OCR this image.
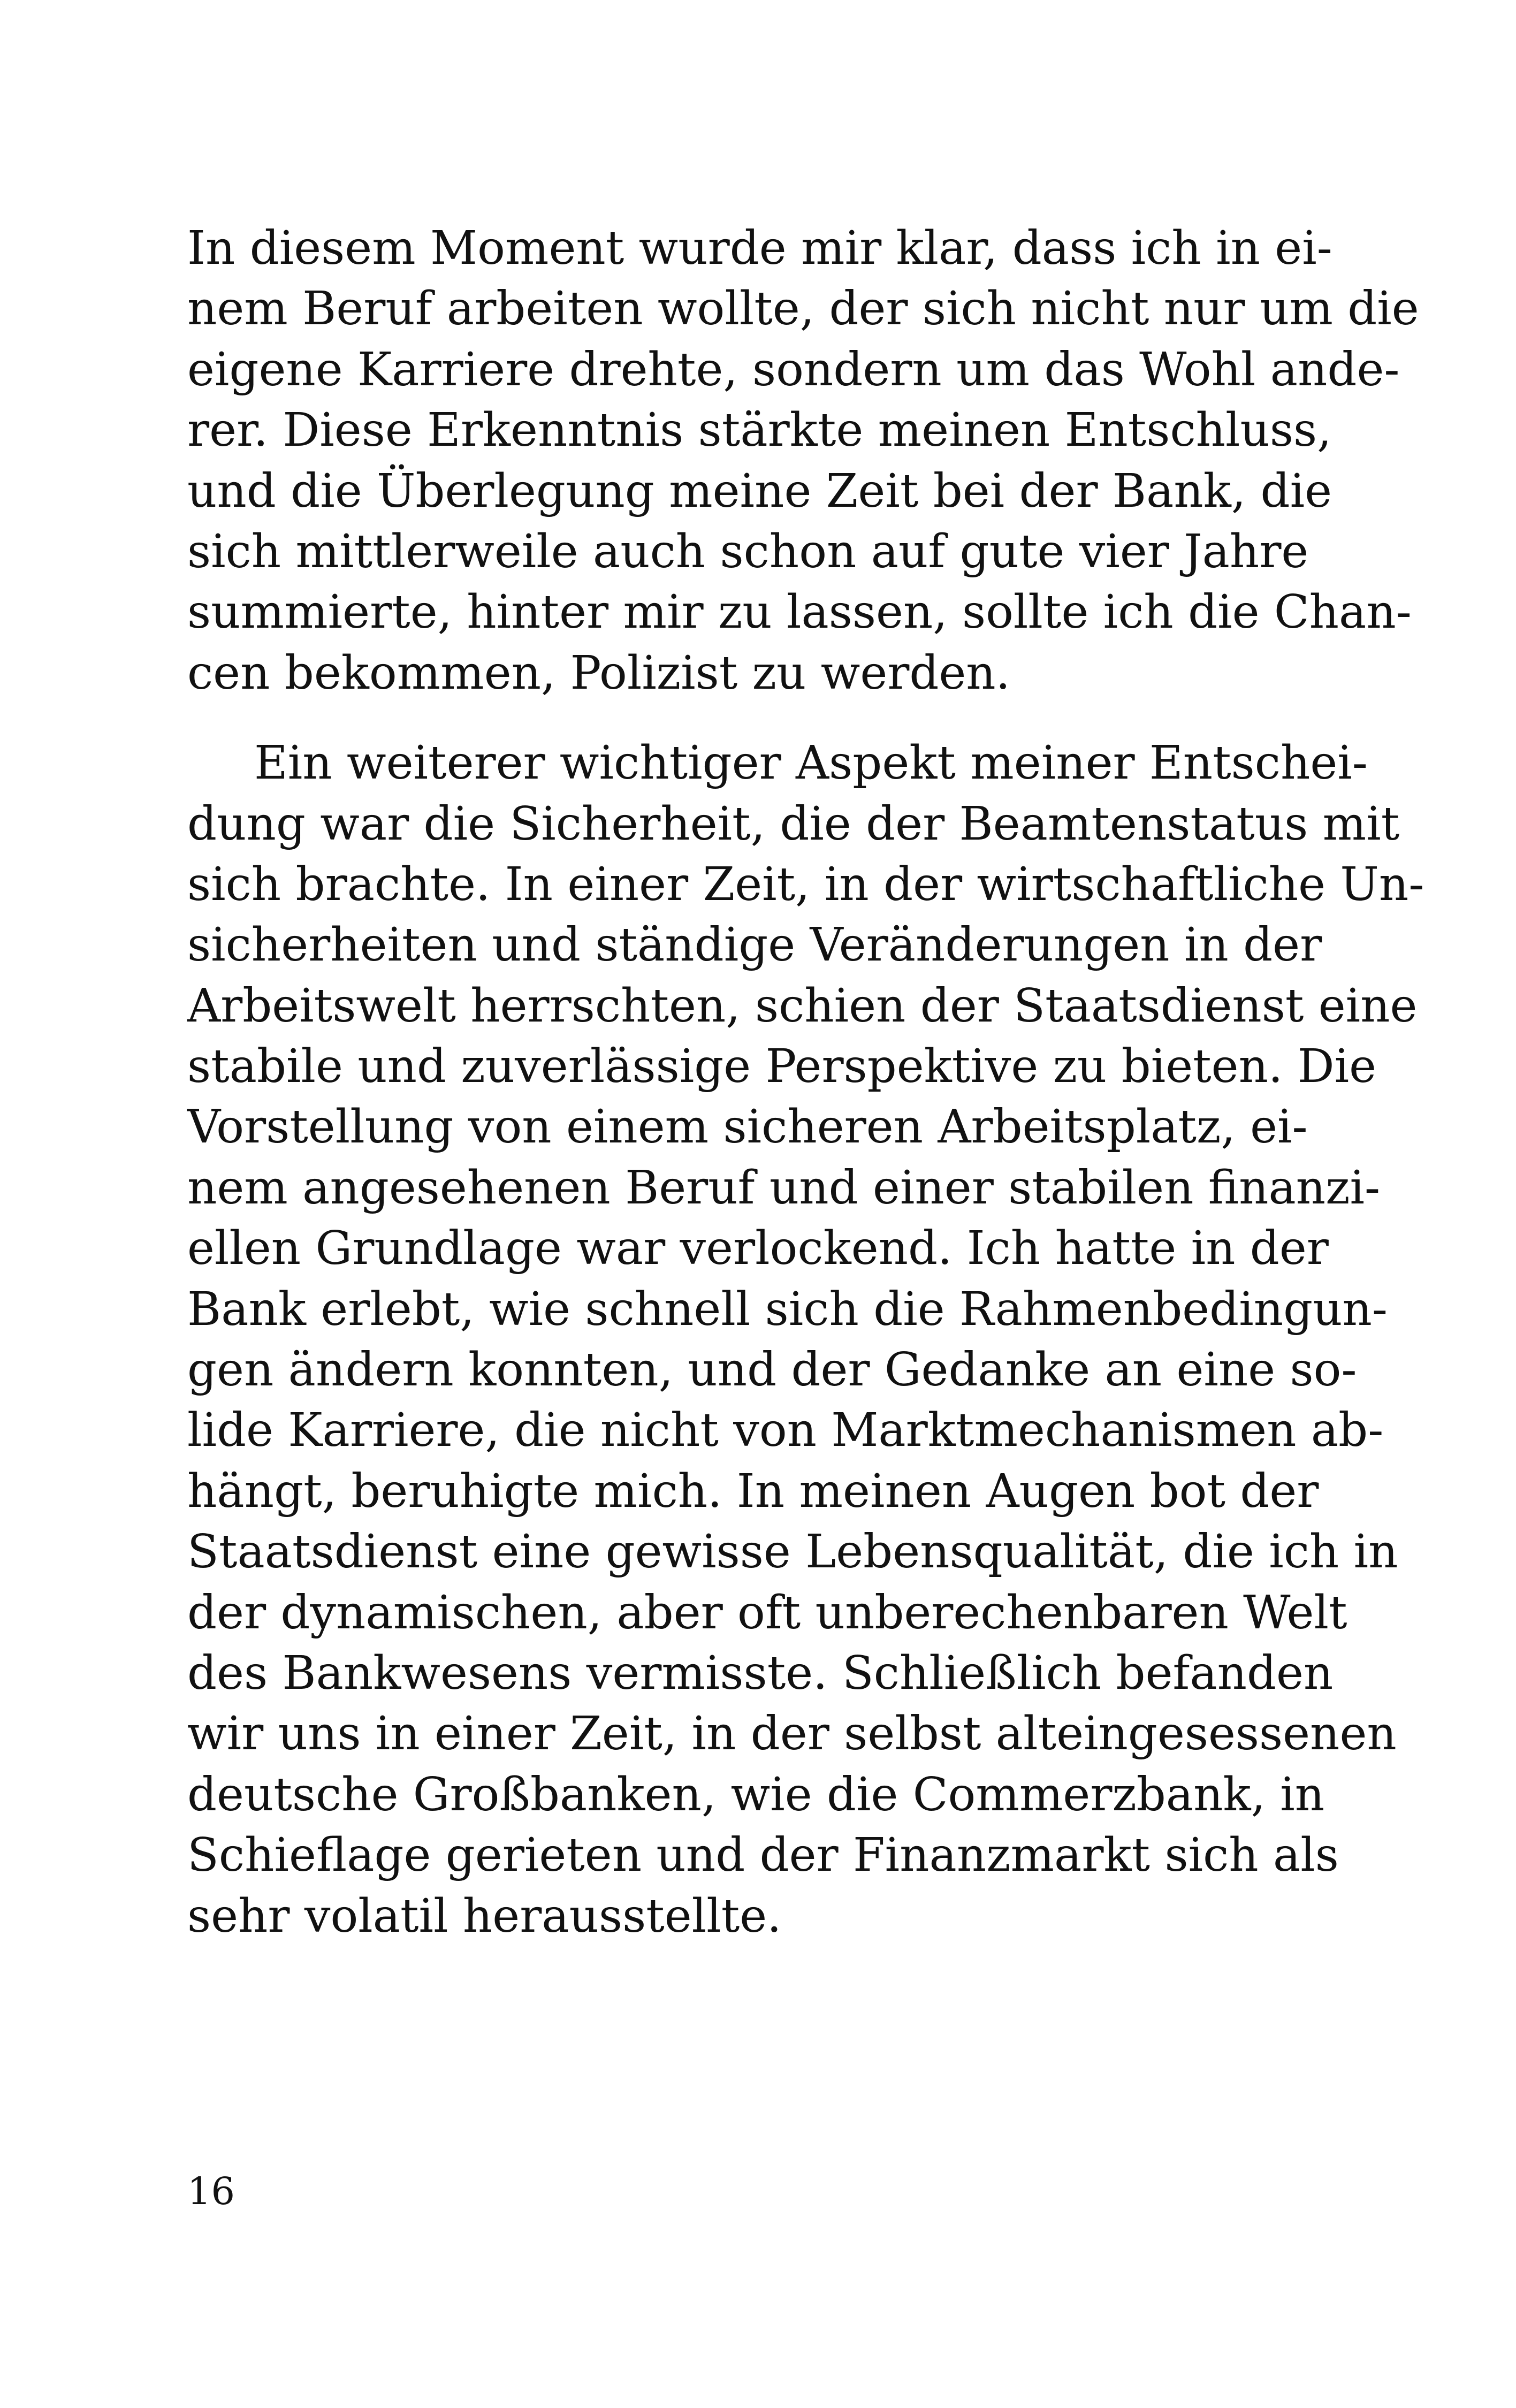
In diesem Moment wurde mir klar, dass ich in ei-
nem Beruf arbeiten wollte, der sich nicht nur um die
eigene Karriere drehte, sondern um das Wohl ande-
rer. Diese Erkenntnis stärkte meinen Entschluss,
und die Überlegung meine Zeit bei der Bank, die
sich mittlerweile auch schon auf gute vier Jahre
summierte, hinter mir zu lassen, sollte ich die Chan-
cen bekommen, Polizist zu werden.
Ein weiterer wichtiger Aspekt meiner Entschei-
dung war die Sicherheit, die der Beamtenstatus mit
sich brachte. In einer Zeit, in der wirtschaftliche Un-
sicherheiten und ständige Veränderungen in der
Arbeitswelt herrschten, schien der Staatsdienst eine
stabile und zuverlässige Perspektive zu bieten. Die
Vorstellung von einem sicheren Arbeitsplatz, ei-
nem angesehenen Beruf und einer stabilen finanzi-
ellen Grundlage war verlockend. Ich hatte in der
Bank erlebt, wie schnell sich die Rahmenbedingun-
gen ändern konnten, und der Gedanke an eine so-
lide Karriere, die nicht von Marktmechanismen ab-
hängt, beruhigte mich. In meinen Augen bot der
Staatsdienst eine gewisse Lebensqualität, die ich in
der dynamischen, aber oft unberechenbaren Welt
des Bankwesens vermisste. Schließlich befanden
wir uns in einer Zeit, in der selbst alteingesessenen
deutsche Großbanken, wie die Commerzbank, in
Schieflage gerieten und der Finanzmarkt sich als
sehr volatil herausstellte.
16
